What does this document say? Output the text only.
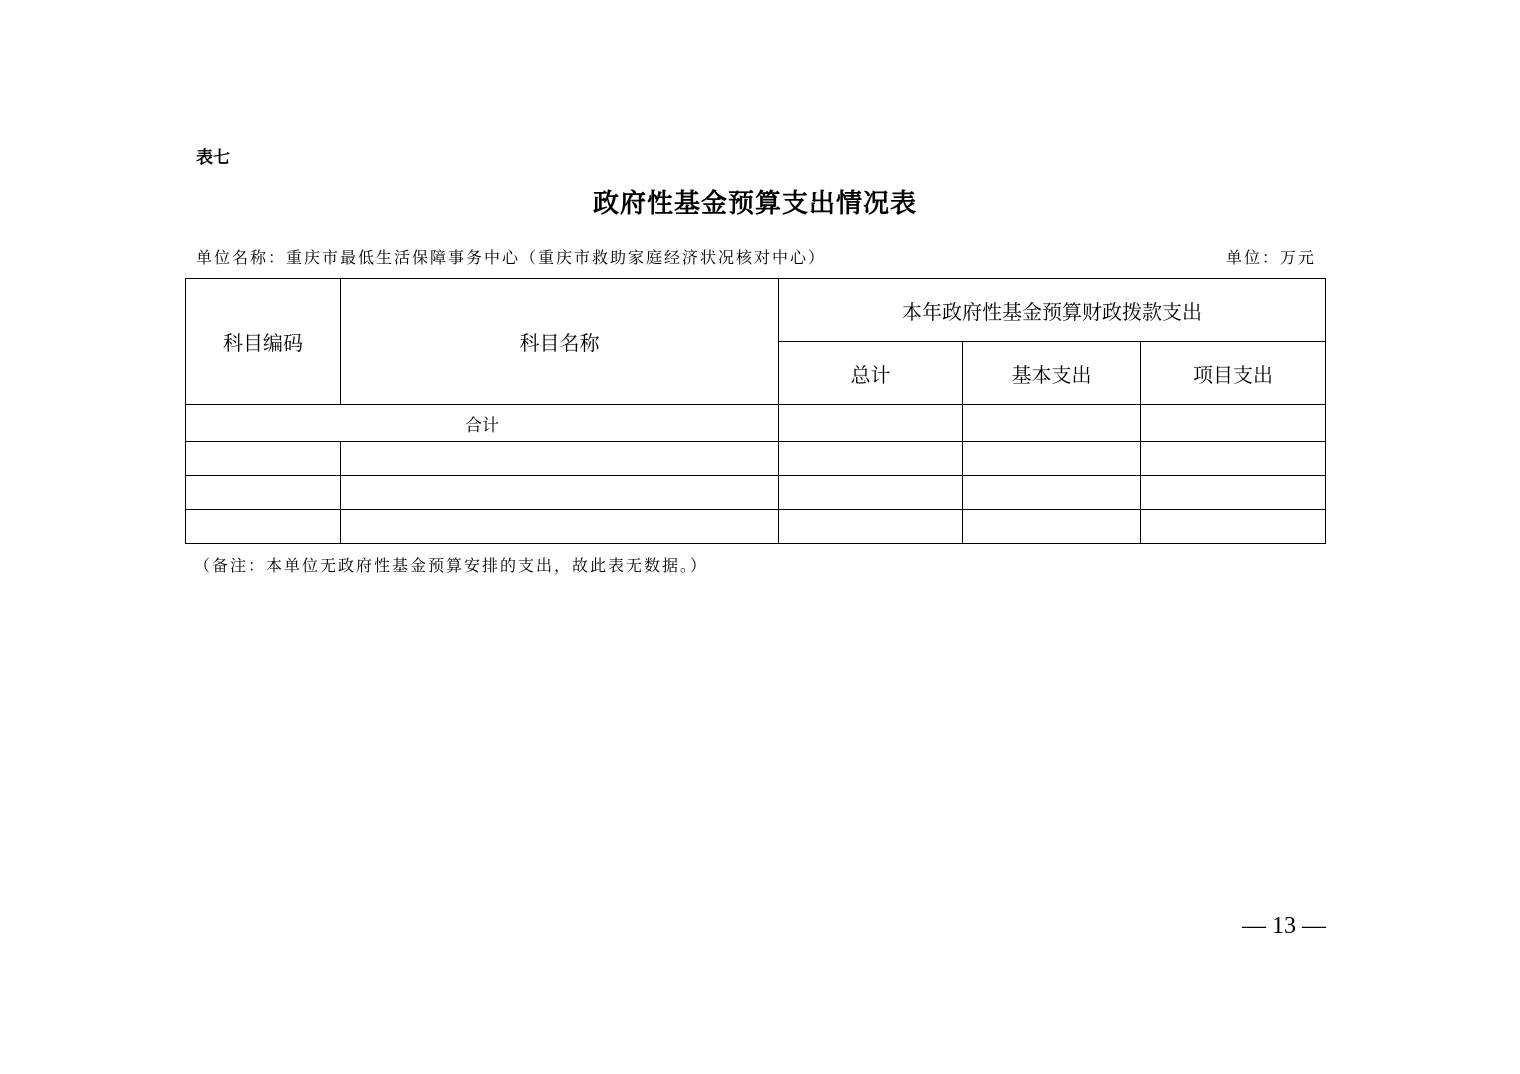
表七
政府性基金预算支出情况表
单位名称：重庆市最低生活保障事务中心（重庆市救助家庭经济状况核对中心）	单位：万元
科目编码	科目名称	本年政府性基金预算财政拨款支出		
		总计	基本支出	项目支出
合计				

（备注：本单位无政府性基金预算安排的支出，故此表无数据。）
— 13 —
